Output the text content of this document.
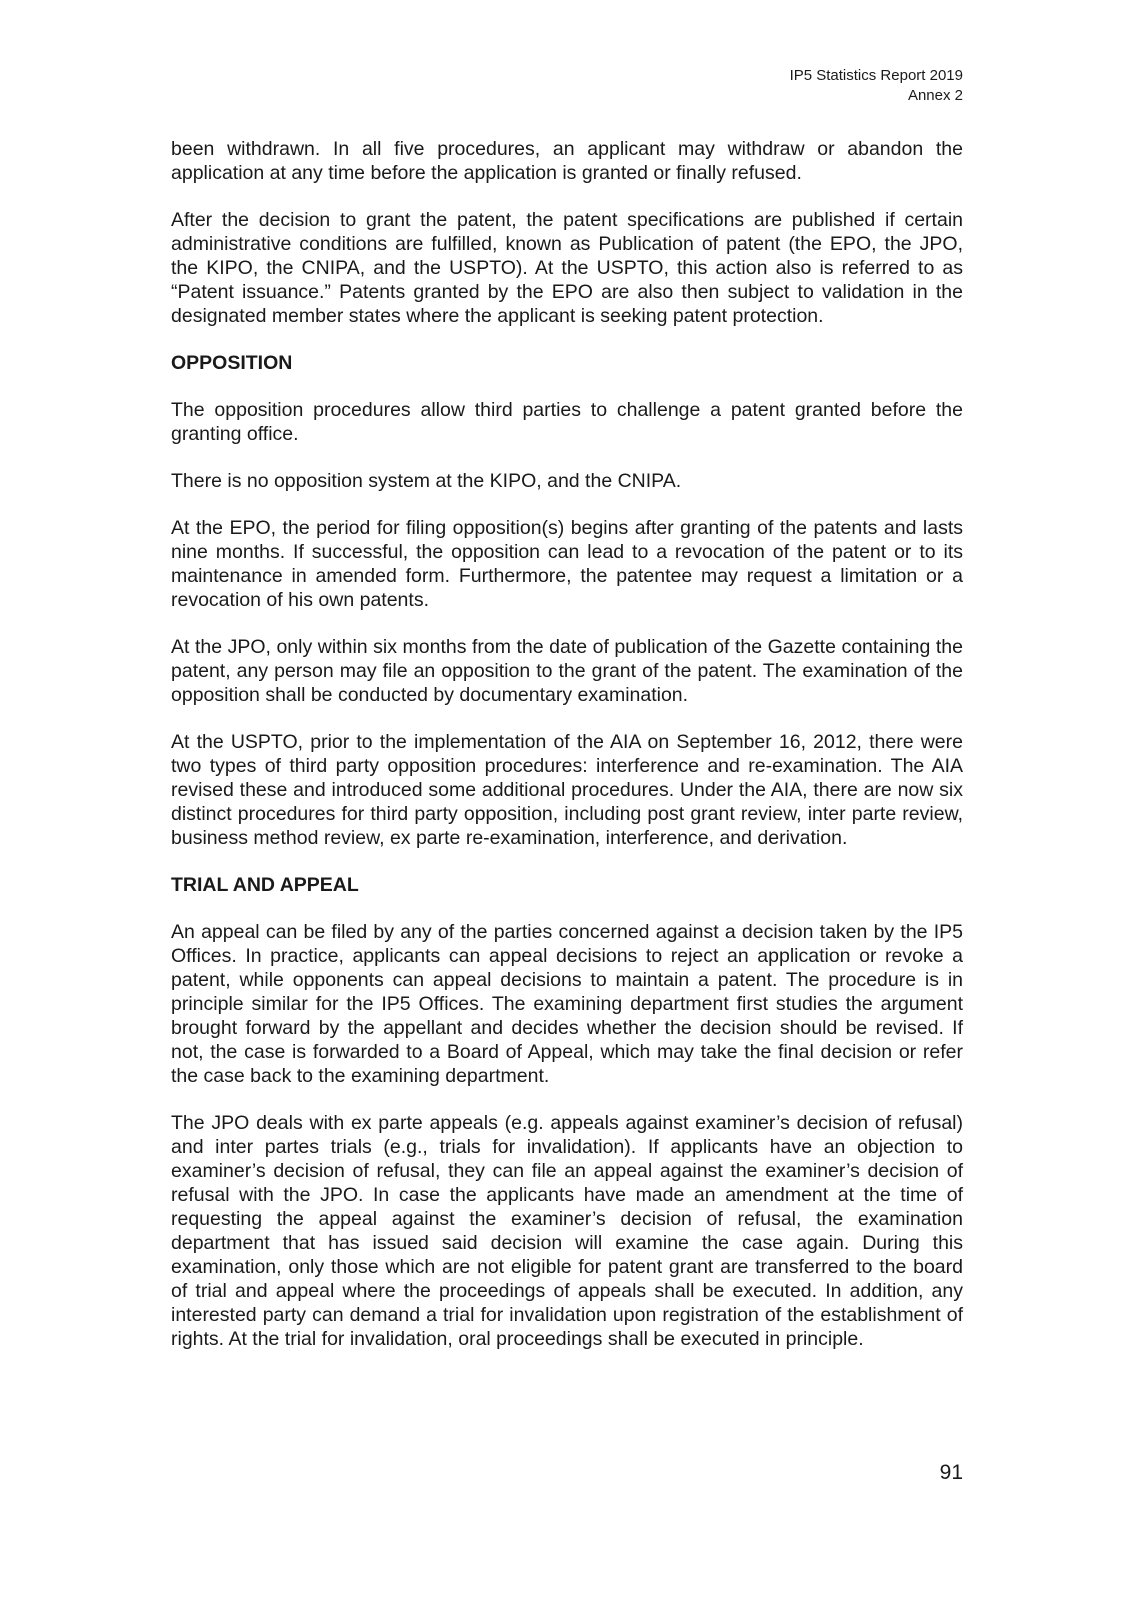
IP5 Statistics Report 2019
Annex 2

been withdrawn. In all five procedures, an applicant may withdraw or abandon the application at any time before the application is granted or finally refused.

After the decision to grant the patent, the patent specifications are published if certain administrative conditions are fulfilled, known as Publication of patent (the EPO, the JPO, the KIPO, the CNIPA, and the USPTO). At the USPTO, this action also is referred to as “Patent issuance.” Patents granted by the EPO are also then subject to validation in the designated member states where the applicant is seeking patent protection.

OPPOSITION

The opposition procedures allow third parties to challenge a patent granted before the granting office.

There is no opposition system at the KIPO, and the CNIPA.

At the EPO, the period for filing opposition(s) begins after granting of the patents and lasts nine months. If successful, the opposition can lead to a revocation of the patent or to its maintenance in amended form. Furthermore, the patentee may request a limitation or a revocation of his own patents.

At the JPO, only within six months from the date of publication of the Gazette containing the patent, any person may file an opposition to the grant of the patent. The examination of the opposition shall be conducted by documentary examination.

At the USPTO, prior to the implementation of the AIA on September 16, 2012, there were two types of third party opposition procedures: interference and re-examination. The AIA revised these and introduced some additional procedures. Under the AIA, there are now six distinct procedures for third party opposition, including post grant review, inter parte review, business method review, ex parte re-examination, interference, and derivation.

TRIAL AND APPEAL

An appeal can be filed by any of the parties concerned against a decision taken by the IP5 Offices. In practice, applicants can appeal decisions to reject an application or revoke a patent, while opponents can appeal decisions to maintain a patent. The procedure is in principle similar for the IP5 Offices. The examining department first studies the argument brought forward by the appellant and decides whether the decision should be revised. If not, the case is forwarded to a Board of Appeal, which may take the final decision or refer the case back to the examining department.

The JPO deals with ex parte appeals (e.g. appeals against examiner’s decision of refusal) and inter partes trials (e.g., trials for invalidation). If applicants have an objection to examiner’s decision of refusal, they can file an appeal against the examiner’s decision of refusal with the JPO. In case the applicants have made an amendment at the time of requesting the appeal against the examiner’s decision of refusal, the examination department that has issued said decision will examine the case again. During this examination, only those which are not eligible for patent grant are transferred to the board of trial and appeal where the proceedings of appeals shall be executed. In addition, any interested party can demand a trial for invalidation upon registration of the establishment of rights. At the trial for invalidation, oral proceedings shall be executed in principle.

91
